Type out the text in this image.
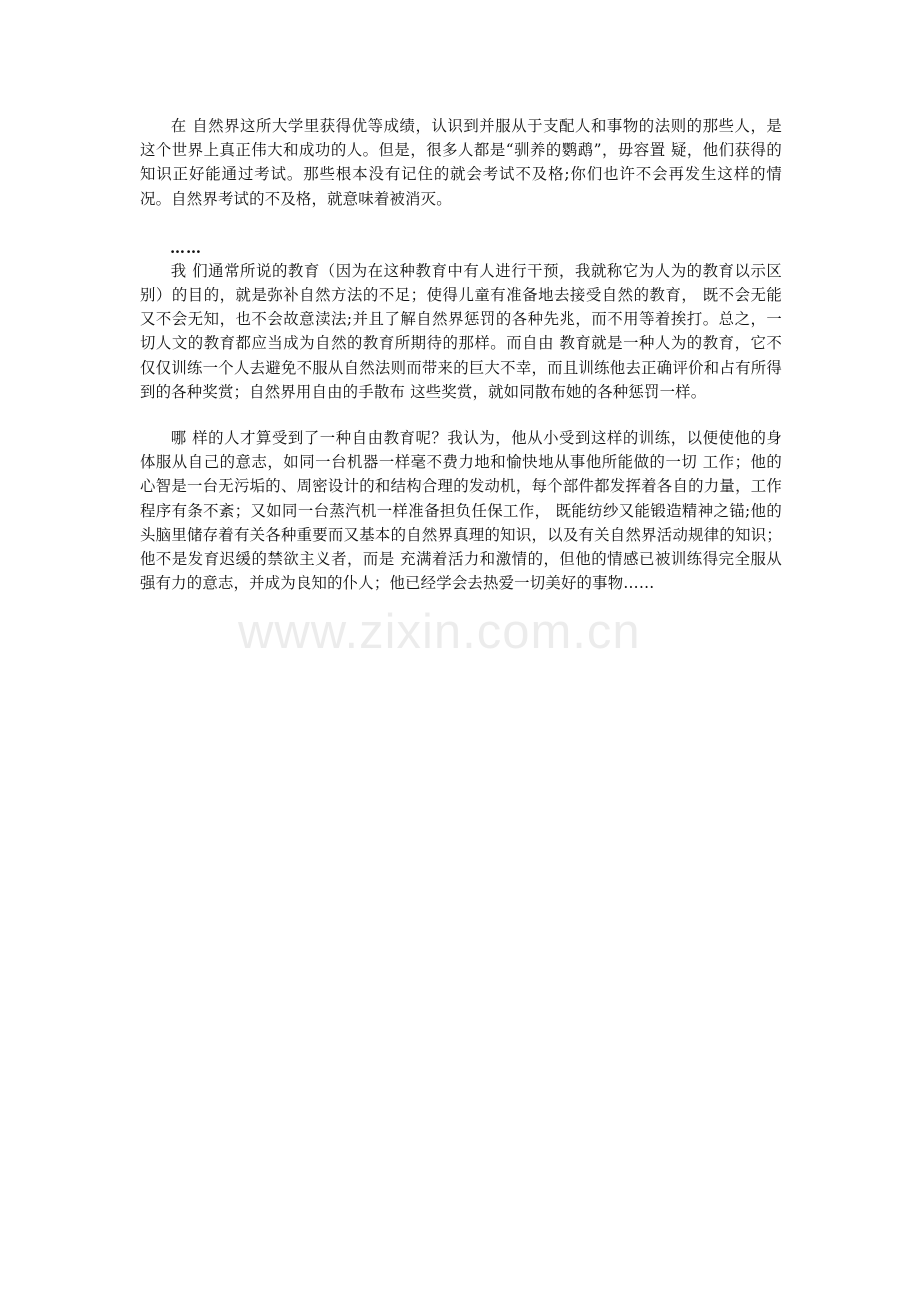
在 自然界这所大学里获得优等成绩，认识到并服从于支配人和事物的法则的那些人，是这个世界上真正伟大和成功的人。但是，很多人都是“驯养的鹦鹉”，毋容置 疑，他们获得的知识正好能通过考试。那些根本没有记住的就会考试不及格;你们也许不会再发生这样的情况。自然界考试的不及格，就意味着被消灭。

……

我 们通常所说的教育（因为在这种教育中有人进行干预，我就称它为人为的教育以示区别）的目的，就是弥补自然方法的不足；使得儿童有准备地去接受自然的教育， 既不会无能又不会无知，也不会故意渎法;并且了解自然界惩罚的各种先兆，而不用等着挨打。总之，一切人文的教育都应当成为自然的教育所期待的那样。而自由 教育就是一种人为的教育，它不仅仅训练一个人去避免不服从自然法则而带来的巨大不幸，而且训练他去正确评价和占有所得到的各种奖赏；自然界用自由的手散布 这些奖赏，就如同散布她的各种惩罚一样。

哪 样的人才算受到了一种自由教育呢？我认为，他从小受到这样的训练，以便使他的身体服从自己的意志，如同一台机器一样毫不费力地和愉快地从事他所能做的一切 工作；他的心智是一台无污垢的、周密设计的和结构合理的发动机，每个部件都发挥着各自的力量，工作程序有条不紊；又如同一台蒸汽机一样准备担负任保工作， 既能纺纱又能锻造精神之锚;他的头脑里储存着有关各种重要而又基本的自然界真理的知识，以及有关自然界活动规律的知识；他不是发育迟缓的禁欲主义者，而是 充满着活力和激情的，但他的情感已被训练得完全服从强有力的意志，并成为良知的仆人；他已经学会去热爱一切美好的事物……

www.zixin.com.cn
